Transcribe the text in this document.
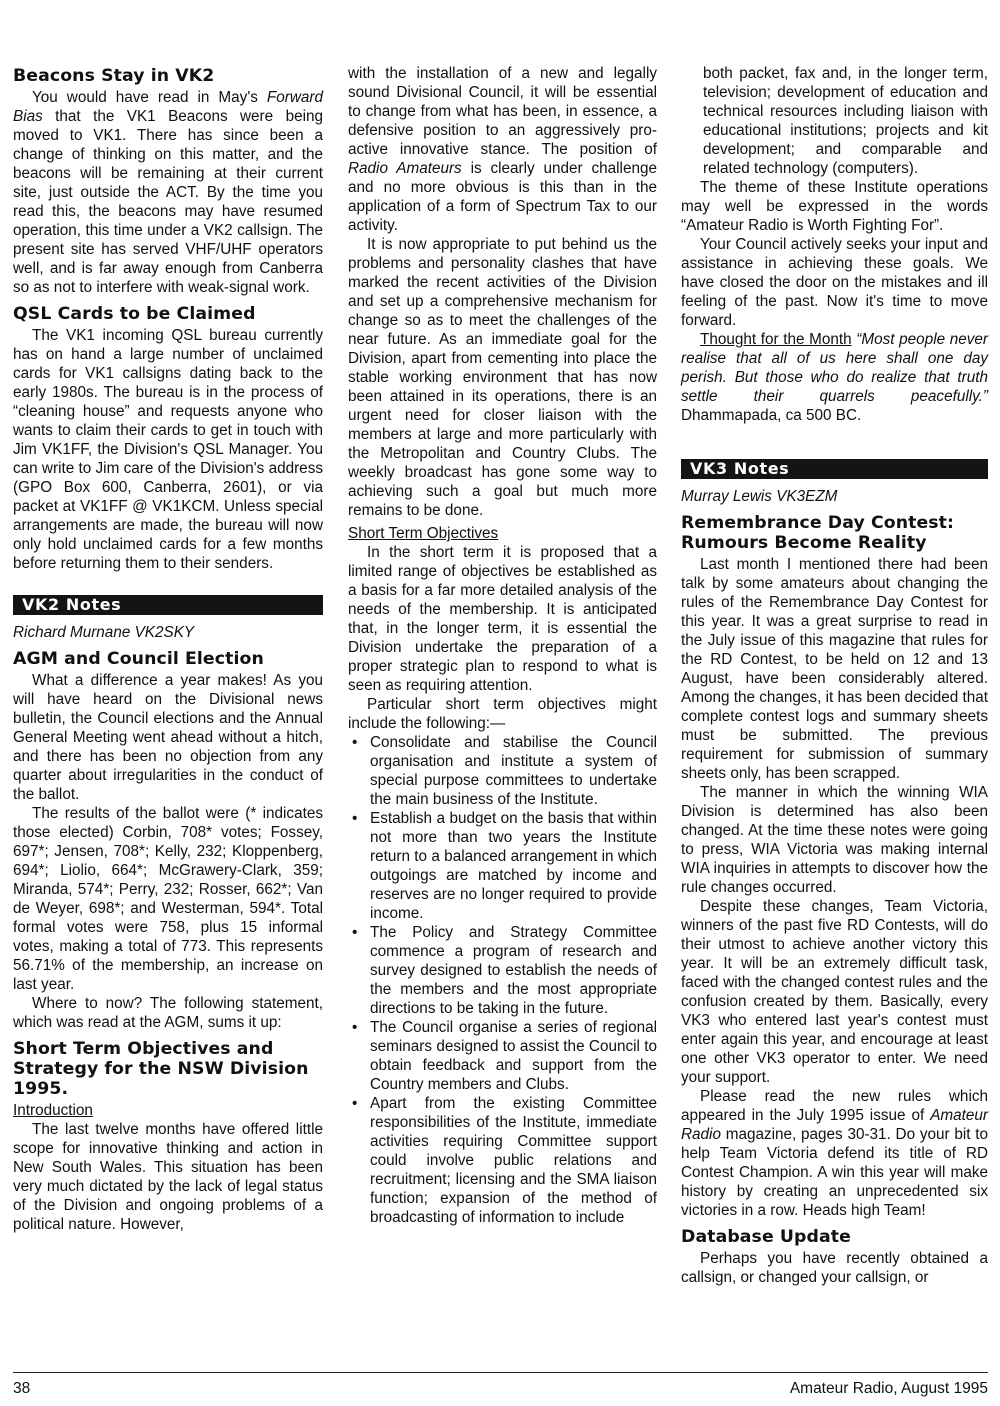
Beacons Stay in VK2

You would have read in May's Forward Bias that the VK1 Beacons were being moved to VK1. There has since been a change of thinking on this matter, and the beacons will be remaining at their current site, just outside the ACT. By the time you read this, the beacons may have resumed operation, this time under a VK2 callsign. The present site has served VHF/UHF operators well, and is far away enough from Canberra so as not to interfere with weak-signal work.

QSL Cards to be Claimed

The VK1 incoming QSL bureau currently has on hand a large number of unclaimed cards for VK1 callsigns dating back to the early 1980s. The bureau is in the process of “cleaning house” and requests anyone who wants to claim their cards to get in touch with Jim VK1FF, the Division's QSL Manager. You can write to Jim care of the Division's address (GPO Box 600, Canberra, 2601), or via packet at VK1FF @ VK1KCM. Unless special arrangements are made, the bureau will now only hold unclaimed cards for a few months before returning them to their senders.

VK2 Notes
Richard Murnane VK2SKY
AGM and Council Election

What a difference a year makes! As you will have heard on the Divisional news bulletin, the Council elections and the Annual General Meeting went ahead without a hitch, and there has been no objection from any quarter about irregularities in the conduct of the ballot.

The results of the ballot were (* indicates those elected) Corbin, 708* votes; Fossey, 697*; Jensen, 708*; Kelly, 232; Kloppenberg, 694*; Liolio, 664*; McGrawery-Clark, 359; Miranda, 574*; Perry, 232; Rosser, 662*; Van de Weyer, 698*; and Westerman, 594*. Total formal votes were 758, plus 15 informal votes, making a total of 773. This represents 56.71% of the membership, an increase on last year.

Where to now? The following statement, which was read at the AGM, sums it up:

Short Term Objectives and Strategy for the NSW Division 1995.
Introduction

The last twelve months have offered little scope for innovative thinking and action in New South Wales. This situation has been very much dictated by the lack of legal status of the Division and ongoing problems of a political nature. However,

with the installation of a new and legally sound Divisional Council, it will be essential to change from what has been, in essence, a defensive position to an aggressively pro-active innovative stance. The position of Radio Amateurs is clearly under challenge and no more obvious is this than in the application of a form of Spectrum Tax to our activity.

It is now appropriate to put behind us the problems and personality clashes that have marked the recent activities of the Division and set up a comprehensive mechanism for change so as to meet the challenges of the near future. As an immediate goal for the Division, apart from cementing into place the stable working environment that has now been attained in its operations, there is an urgent need for closer liaison with the members at large and more particularly with the Metropolitan and Country Clubs. The weekly broadcast has gone some way to achieving such a goal but much more remains to be done.

Short Term Objectives

In the short term it is proposed that a limited range of objectives be established as a basis for a far more detailed analysis of the needs of the membership. It is anticipated that, in the longer term, it is essential the Division undertake the preparation of a proper strategic plan to respond to what is seen as requiring attention.

Particular short term objectives might include the following:—

• Consolidate and stabilise the Council organisation and institute a system of special purpose committees to undertake the main business of the Institute.
• Establish a budget on the basis that within not more than two years the Institute return to a balanced arrangement in which outgoings are matched by income and reserves are no longer required to provide income.
• The Policy and Strategy Committee commence a program of research and survey designed to establish the needs of the members and the most appropriate directions to be taking in the future.
• The Council organise a series of regional seminars designed to assist the Council to obtain feedback and support from the Country members and Clubs.
• Apart from the existing Committee responsibilities of the Institute, immediate activities requiring Committee support could involve public relations and recruitment; licensing and the SMA liaison function; expansion of the method of broadcasting of information to include

both packet, fax and, in the longer term, television; development of education and technical resources including liaison with educational institutions; projects and kit development; and comparable and related technology (computers).

The theme of these Institute operations may well be expressed in the words “Amateur Radio is Worth Fighting For”.

Your Council actively seeks your input and assistance in achieving these goals. We have closed the door on the mistakes and ill feeling of the past. Now it's time to move forward.

Thought for the Month “Most people never realise that all of us here shall one day perish. But those who do realize that truth settle their quarrels peacefully.” Dhammapada, ca 500 BC.

VK3 Notes
Murray Lewis VK3EZM
Remembrance Day Contest: Rumours Become Reality

Last month I mentioned there had been talk by some amateurs about changing the rules of the Remembrance Day Contest for this year. It was a great surprise to read in the July issue of this magazine that rules for the RD Contest, to be held on 12 and 13 August, have been considerably altered. Among the changes, it has been decided that complete contest logs and summary sheets must be submitted. The previous requirement for submission of summary sheets only, has been scrapped.

The manner in which the winning WIA Division is determined has also been changed. At the time these notes were going to press, WIA Victoria was making internal WIA inquiries in attempts to discover how the rule changes occurred.

Despite these changes, Team Victoria, winners of the past five RD Contests, will do their utmost to achieve another victory this year. It will be an extremely difficult task, faced with the changed contest rules and the confusion created by them. Basically, every VK3 who entered last year's contest must enter again this year, and encourage at least one other VK3 operator to enter. We need your support.

Please read the new rules which appeared in the July 1995 issue of Amateur Radio magazine, pages 30-31. Do your bit to help Team Victoria defend its title of RD Contest Champion. A win this year will make history by creating an unprecedented six victories in a row. Heads high Team!

Database Update

Perhaps you have recently obtained a callsign, or changed your callsign, or

38	Amateur Radio, August 1995
